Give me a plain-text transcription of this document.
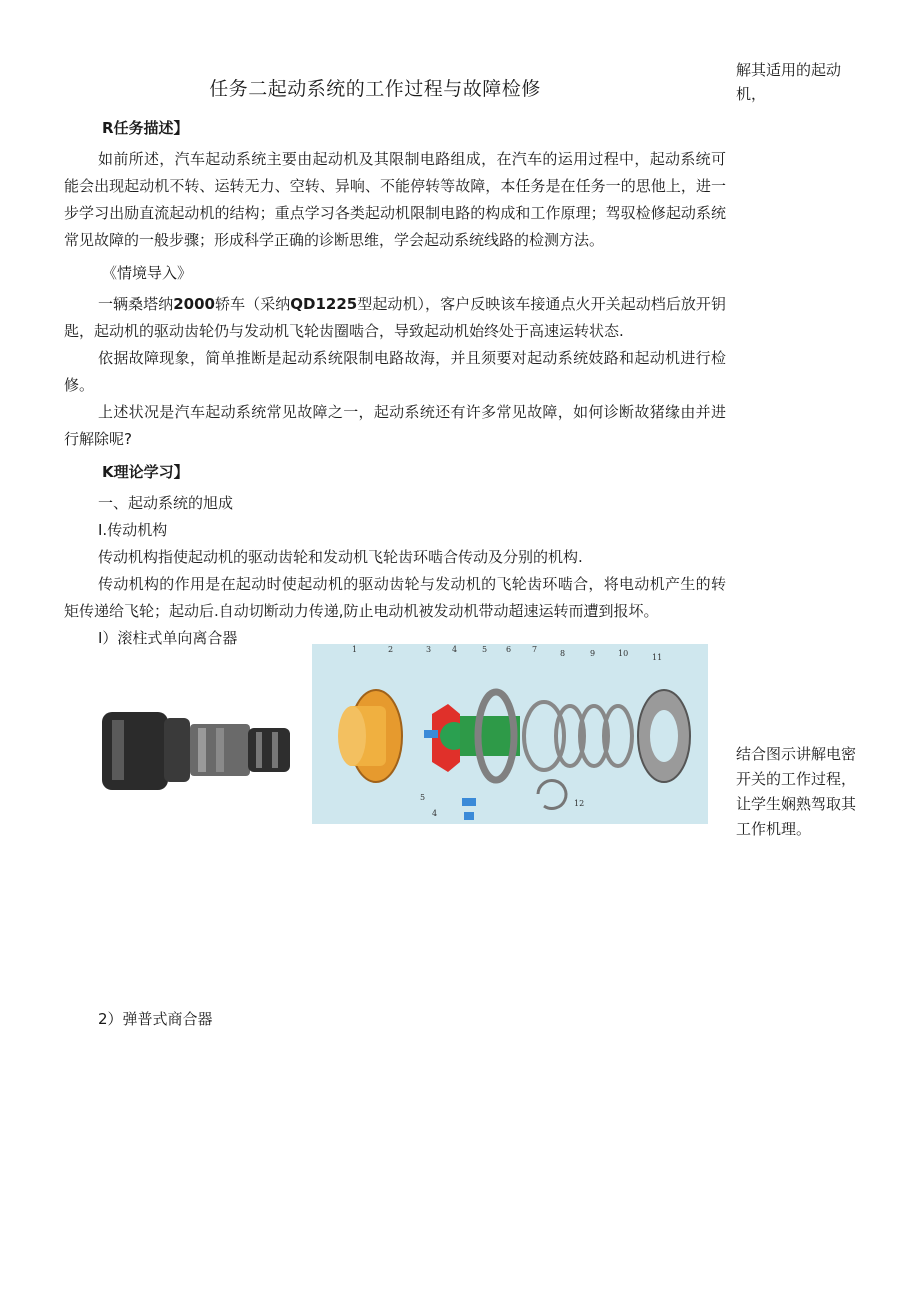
解其适用的起动机，
任务二起动系统的工作过程与故障检修
R任务描述】

如前所述，汽车起动系统主要由起动机及其限制电路组成，在汽车的运用过程中，起动系统可能会出现起动机不转、运转无力、空转、异响、不能停转等故障，本任务是在任务一的思他上，进一步学习出励直流起动机的结构；重点学习各类起动机限制电路的构成和工作原理；驾驭检修起动系统常见故障的一般步骤；形成科学正确的诊断思维，学会起动系统线路的检测方法。

《情境导入》

一辆桑塔纳2000轿车（采纳QD1225型起动机），客户反映该车接通点火开关起动档后放开钥匙，起动机的驱动齿轮仍与发动机飞轮齿圈啮合，导致起动机始终处于高速运转状态.

依据故障现象，简单推断是起动系统限制电路故海，并且须要对起动系统妓路和起动机进行检修。

上述状况是汽车起动系统常见故障之一，起动系统还有许多常见故障，如何诊断故猪缘由并进行解除呢?

K理论学习】

一、起动系统的旭成

I.传动机构

传动机构指使起动机的驱动齿轮和发动机飞轮齿环啮合传动及分别的机构.

传动机构的作用是在起动时使起动机的驱动齿轮与发动机的飞轮齿环啮合，将电动机产生的转矩传递给飞轮；起动后.自动切断动力传递,防止电动机被发动机带动超速运转而遭到报坏。

I）滚柱式单向离合器

1	2	3	4	5 6	7	8	9	10	11
12
5
4
结合图示讲解电密开关的工作过程，让学生娴熟驾取其工作机理。
2）弹普式商合器
